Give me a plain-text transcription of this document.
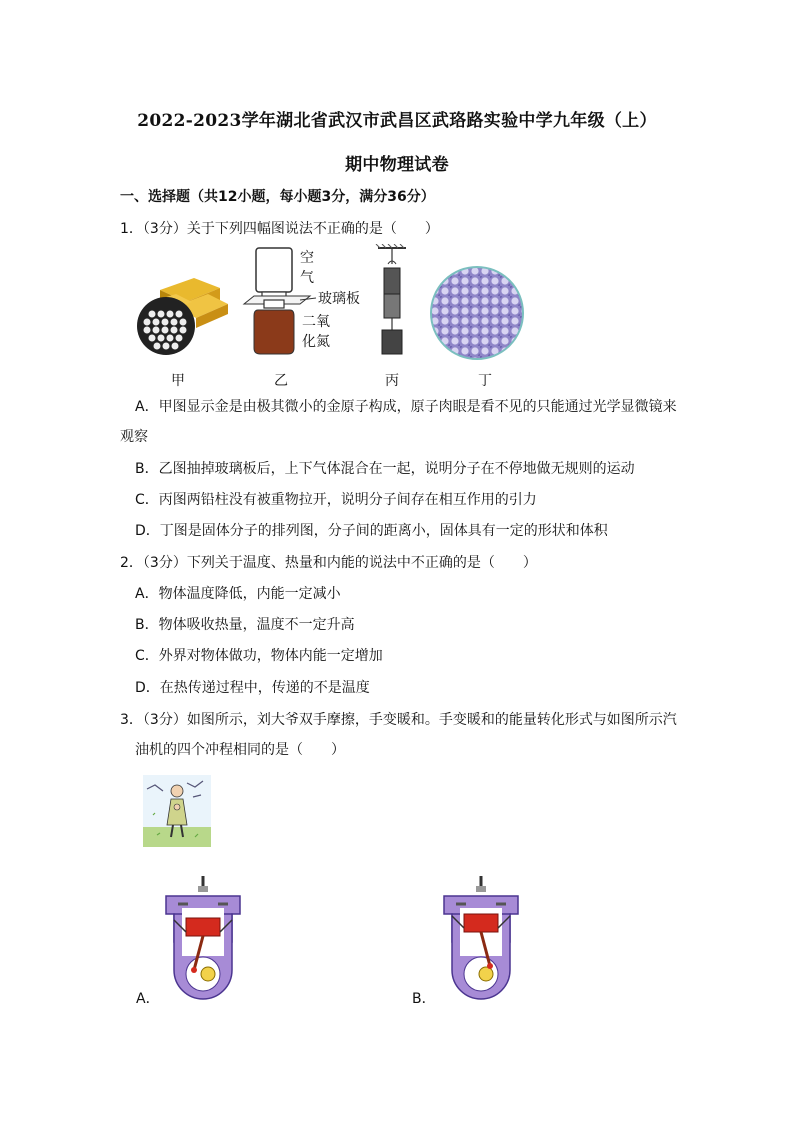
2022-2023学年湖北省武汉市武昌区武珞路实验中学九年级（上）
期中物理试卷
一、选择题（共12小题，每小题3分，满分36分）
1．（3分）关于下列四幅图说法不正确的是（　　）
空
气
玻璃板
二氧
化氮
甲	乙	丙	丁
A．甲图显示金是由极其微小的金原子构成，原子肉眼是看不见的只能通过光学显微镜来
观察
B．乙图抽掉玻璃板后，上下气体混合在一起，说明分子在不停地做无规则的运动
C．丙图两铅柱没有被重物拉开，说明分子间存在相互作用的引力
D．丁图是固体分子的排列图，分子间的距离小，固体具有一定的形状和体积
2．（3分）下列关于温度、热量和内能的说法中不正确的是（　　）
A．物体温度降低，内能一定减小
B．物体吸收热量，温度不一定升高
C．外界对物体做功，物体内能一定增加
D．在热传递过程中，传递的不是温度
3．（3分）如图所示，刘大爷双手摩擦，手变暖和。手变暖和的能量转化形式与如图所示汽
油机的四个冲程相同的是（　　）
A．	B．
